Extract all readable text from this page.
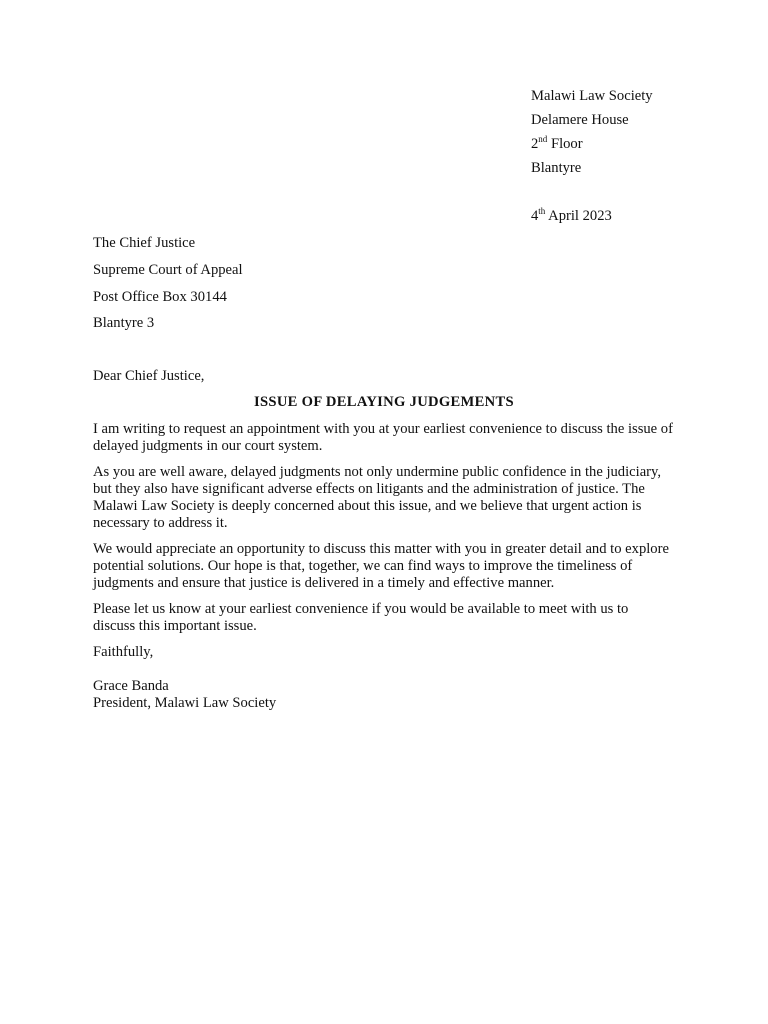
Malawi Law Society
Delamere House
2nd Floor
Blantyre
4th April 2023
The Chief Justice
Supreme Court of Appeal
Post Office Box 30144
Blantyre 3
Dear Chief Justice,
ISSUE OF DELAYING JUDGEMENTS
I am writing to request an appointment with you at your earliest convenience to discuss the issue of delayed judgments in our court system.
As you are well aware, delayed judgments not only undermine public confidence in the judiciary, but they also have significant adverse effects on litigants and the administration of justice. The Malawi Law Society is deeply concerned about this issue, and we believe that urgent action is necessary to address it.
We would appreciate an opportunity to discuss this matter with you in greater detail and to explore potential solutions. Our hope is that, together, we can find ways to improve the timeliness of judgments and ensure that justice is delivered in a timely and effective manner.
Please let us know at your earliest convenience if you would be available to meet with us to discuss this important issue.
Faithfully,
Grace Banda
President, Malawi Law Society
